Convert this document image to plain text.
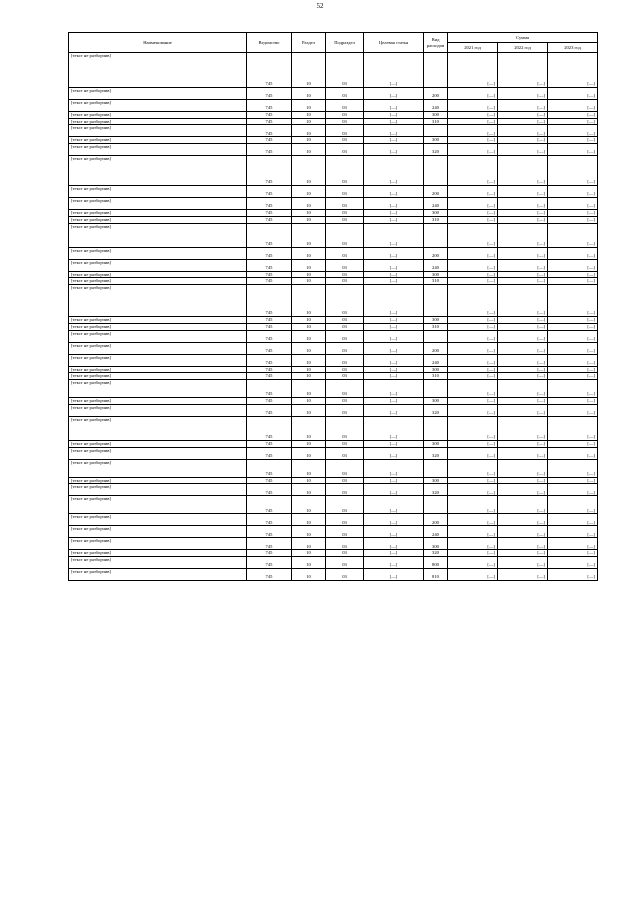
52
Наименование	Ведомство	Раздел	Подраздел	Целевая статья	Вид расходов	Сумма		
						2021 год	2022 год	2023 год
[текст не разборчив]	745	10	03	[—]		[—]	[—]	[—]
[текст не разборчив]	745	10	03	[—]	200	[—]	[—]	[—]
[текст не разборчив]	745	10	03	[—]	240	[—]	[—]	[—]
[текст не разборчив]	745	10	03	[—]	300	[—]	[—]	[—]
[текст не разборчив]	745	10	03	[—]	310	[—]	[—]	[—]
[текст не разборчив]	745	10	03	[—]		[—]	[—]	[—]
[текст не разборчив]	745	10	03	[—]	300	[—]	[—]	[—]
[текст не разборчив]	745	10	03	[—]	320	[—]	[—]	[—]
[текст не разборчив]	745	10	03	[—]		[—]	[—]	[—]
[текст не разборчив]	745	10	03	[—]	200	[—]	[—]	[—]
[текст не разборчив]	745	10	03	[—]	240	[—]	[—]	[—]
[текст не разборчив]	745	10	03	[—]	300	[—]	[—]	[—]
[текст не разборчив]	745	10	03	[—]	310	[—]	[—]	[—]
[текст не разборчив]	745	10	03	[—]		[—]	[—]	[—]
[текст не разборчив]	745	10	03	[—]	200	[—]	[—]	[—]
[текст не разборчив]	745	10	03	[—]	240	[—]	[—]	[—]
[текст не разборчив]	745	10	03	[—]	300	[—]	[—]	[—]
[текст не разборчив]	745	10	03	[—]	310	[—]	[—]	[—]
[текст не разборчив]	745	10	03	[—]		[—]	[—]	[—]
[текст не разборчив]	745	10	03	[—]	300	[—]	[—]	[—]
[текст не разборчив]	745	10	03	[—]	310	[—]	[—]	[—]
[текст не разборчив]	745	10	03	[—]		[—]	[—]	[—]
[текст не разборчив]	745	10	03	[—]	200	[—]	[—]	[—]
[текст не разборчив]	745	10	03	[—]	240	[—]	[—]	[—]
[текст не разборчив]	745	10	03	[—]	300	[—]	[—]	[—]
[текст не разборчив]	745	10	03	[—]	310	[—]	[—]	[—]
[текст не разборчив]	745	10	03	[—]		[—]	[—]	[—]
[текст не разборчив]	745	10	03	[—]	300	[—]	[—]	[—]
[текст не разборчив]	745	10	03	[—]	320	[—]	[—]	[—]
[текст не разборчив]	745	10	03	[—]		[—]	[—]	[—]
[текст не разборчив]	745	10	03	[—]	300	[—]	[—]	[—]
[текст не разборчив]	745	10	03	[—]	320	[—]	[—]	[—]
[текст не разборчив]	745	10	03	[—]		[—]	[—]	[—]
[текст не разборчив]	745	10	03	[—]	300	[—]	[—]	[—]
[текст не разборчив]	745	10	03	[—]	320	[—]	[—]	[—]
[текст не разборчив]	745	10	03	[—]		[—]	[—]	[—]
[текст не разборчив]	745	10	03	[—]	200	[—]	[—]	[—]
[текст не разборчив]	745	10	03	[—]	240	[—]	[—]	[—]
[текст не разборчив]	745	10	03	[—]	300	[—]	[—]	[—]
[текст не разборчив]	745	10	03	[—]	320	[—]	[—]	[—]
[текст не разборчив]	745	10	03	[—]	800	[—]	[—]	[—]
[текст не разборчив]	745	10	03	[—]	810	[—]	[—]	[—]
